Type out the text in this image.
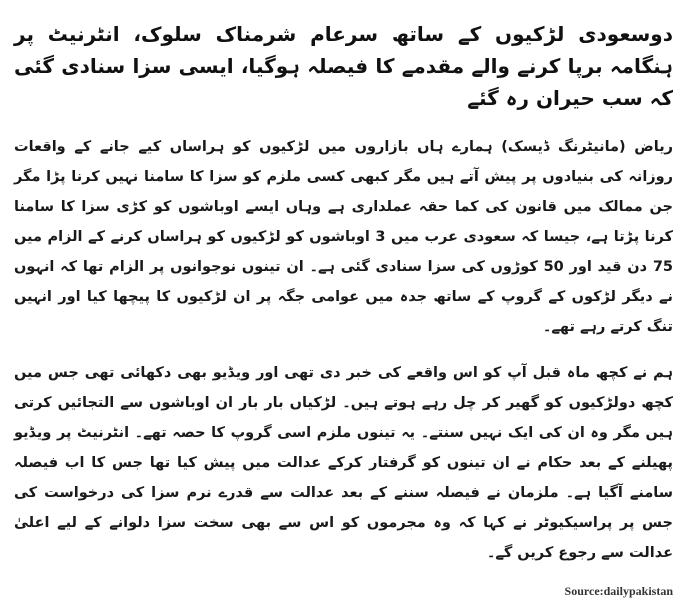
دوسعودی لڑکیوں کے ساتھ سرعام شرمناک سلوک، انٹرنیٹ پر ہنگامہ برپا کرنے والے مقدمے کا فیصلہ ہوگیا، ایسی سزا سنادی گئی کہ سب حیران رہ گئے

ریاض (مانیٹرنگ ڈیسک) ہمارے ہاں بازاروں میں لڑکیوں کو ہراساں کیے جانے کے واقعات روزانہ کی بنیادوں پر پیش آتے ہیں مگر کبھی کسی ملزم کو سزا کا سامنا نہیں کرنا پڑا مگر جن ممالک میں قانون کی کما حقہ عملداری ہے وہاں ایسے اوباشوں کو کڑی سزا کا سامنا کرنا پڑتا ہے، جیسا کہ سعودی عرب میں 3 اوباشوں کو لڑکیوں کو ہراساں کرنے کے الزام میں 75 دن قید اور 50 کوڑوں کی سزا سنادی گئی ہے۔ ان تینوں نوجوانوں پر الزام تھا کہ انہوں نے دیگر لڑکوں کے گروپ کے ساتھ جدہ میں عوامی جگہ پر ان لڑکیوں کا پیچھا کیا اور انہیں تنگ کرتے رہے تھے۔

ہم نے کچھ ماہ قبل آپ کو اس واقعے کی خبر دی تھی اور ویڈیو بھی دکھائی تھی جس میں کچھ دولڑکیوں کو گھیر کر چل رہے ہوتے ہیں۔ لڑکیاں بار بار ان اوباشوں سے التجائیں کرتی ہیں مگر وہ ان کی ایک نہیں سنتے۔ یہ تینوں ملزم اسی گروپ کا حصہ تھے۔ انٹرنیٹ پر ویڈیو پھیلنے کے بعد حکام نے ان تینوں کو گرفتار کرکے عدالت میں پیش کیا تھا جس کا اب فیصلہ سامنے آگیا ہے۔ ملزمان نے فیصلہ سننے کے بعد عدالت سے قدرے نرم سزا کی درخواست کی جس پر پراسیکیوٹر نے کہا کہ وہ مجرموں کو اس سے بھی سخت سزا دلوانے کے لیے اعلیٰ عدالت سے رجوع کریں گے۔

Source:dailypakistan
